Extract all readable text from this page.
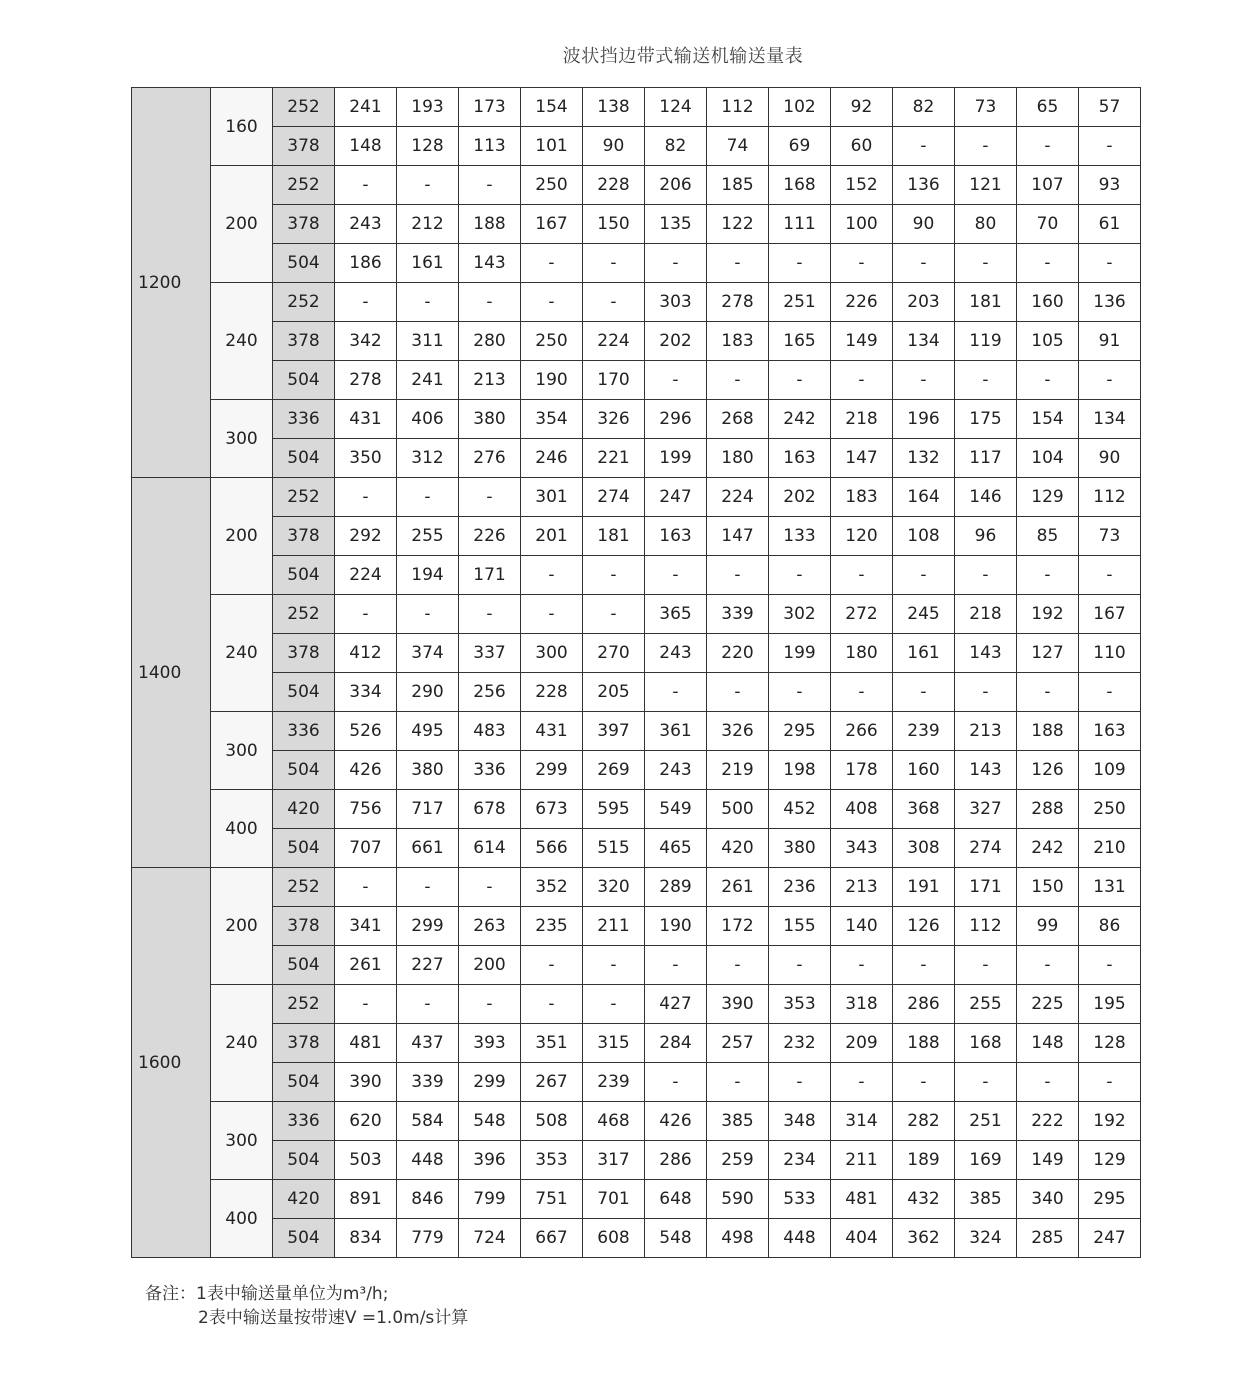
波状挡边带式输送机输送量表
1200	160	252	241	193	173	154	138	124	112	102	92	82	73	65	57
		378	148	128	113	101	90	82	74	69	60	-	-	-	-
	200	252	-	-	-	250	228	206	185	168	152	136	121	107	93
		378	243	212	188	167	150	135	122	111	100	90	80	70	61
		504	186	161	143	-	-	-	-	-	-	-	-	-	-
	240	252	-	-	-	-	-	303	278	251	226	203	181	160	136
		378	342	311	280	250	224	202	183	165	149	134	119	105	91
		504	278	241	213	190	170	-	-	-	-	-	-	-	-
	300	336	431	406	380	354	326	296	268	242	218	196	175	154	134
		504	350	312	276	246	221	199	180	163	147	132	117	104	90
1400	200	252	-	-	-	301	274	247	224	202	183	164	146	129	112
		378	292	255	226	201	181	163	147	133	120	108	96	85	73
		504	224	194	171	-	-	-	-	-	-	-	-	-	-
	240	252	-	-	-	-	-	365	339	302	272	245	218	192	167
		378	412	374	337	300	270	243	220	199	180	161	143	127	110
		504	334	290	256	228	205	-	-	-	-	-	-	-	-
	300	336	526	495	483	431	397	361	326	295	266	239	213	188	163
		504	426	380	336	299	269	243	219	198	178	160	143	126	109
	400	420	756	717	678	673	595	549	500	452	408	368	327	288	250
		504	707	661	614	566	515	465	420	380	343	308	274	242	210
1600	200	252	-	-	-	352	320	289	261	236	213	191	171	150	131
		378	341	299	263	235	211	190	172	155	140	126	112	99	86
		504	261	227	200	-	-	-	-	-	-	-	-	-	-
	240	252	-	-	-	-	-	427	390	353	318	286	255	225	195
		378	481	437	393	351	315	284	257	232	209	188	168	148	128
		504	390	339	299	267	239	-	-	-	-	-	-	-	-
	300	336	620	584	548	508	468	426	385	348	314	282	251	222	192
		504	503	448	396	353	317	286	259	234	211	189	169	149	129
	400	420	891	846	799	751	701	648	590	533	481	432	385	340	295
		504	834	779	724	667	608	548	498	448	404	362	324	285	247
备注：1表中输送量单位为m³/h;
2表中输送量按带速V =1.0m/s计算
